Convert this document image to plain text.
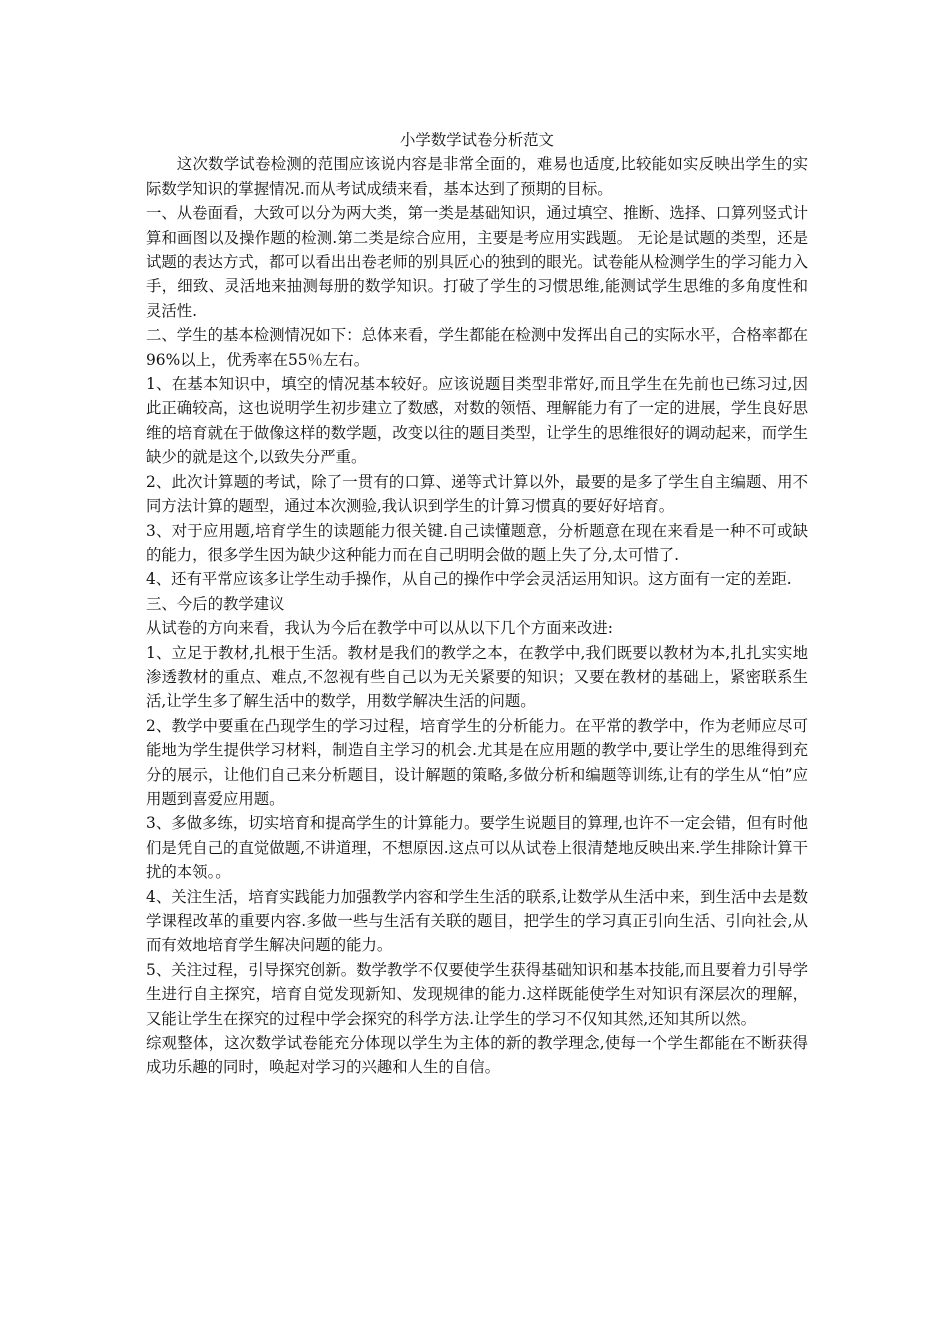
小学数学试卷分析范文

这次数学试卷检测的范围应该说内容是非常全面的，难易也适度,比较能如实反映出学生的实际数学知识的掌握情况.而从考试成绩来看，基本达到了预期的目标。

一、从卷面看，大致可以分为两大类，第一类是基础知识，通过填空、推断、选择、口算列竖式计算和画图以及操作题的检测.第二类是综合应用，主要是考应用实践题。 无论是试题的类型，还是试题的表达方式，都可以看出出卷老师的别具匠心的独到的眼光。试卷能从检测学生的学习能力入手，细致、灵活地来抽测每册的数学知识。打破了学生的习惯思维,能测试学生思维的多角度性和灵活性.

二、学生的基本检测情况如下：总体来看，学生都能在检测中发挥出自己的实际水平，合格率都在96%以上，优秀率在55％左右。

1、在基本知识中，填空的情况基本较好。应该说题目类型非常好,而且学生在先前也已练习过,因此正确较高，这也说明学生初步建立了数感，对数的领悟、理解能力有了一定的进展，学生良好思维的培育就在于做像这样的数学题，改变以往的题目类型，让学生的思维很好的调动起来，而学生缺少的就是这个,以致失分严重。

2、此次计算题的考试，除了一贯有的口算、递等式计算以外，最要的是多了学生自主编题、用不同方法计算的题型，通过本次测验,我认识到学生的计算习惯真的要好好培育。

3、对于应用题,培育学生的读题能力很关键.自己读懂题意，分析题意在现在来看是一种不可或缺的能力，很多学生因为缺少这种能力而在自己明明会做的题上失了分,太可惜了.

4、还有平常应该多让学生动手操作，从自己的操作中学会灵活运用知识。这方面有一定的差距.

三、今后的教学建议

从试卷的方向来看，我认为今后在教学中可以从以下几个方面来改进:

1、立足于教材,扎根于生活。教材是我们的教学之本，在教学中,我们既要以教材为本,扎扎实实地渗透教材的重点、难点,不忽视有些自己以为无关紧要的知识；又要在教材的基础上，紧密联系生活,让学生多了解生活中的数学，用数学解决生活的问题。

2、教学中要重在凸现学生的学习过程，培育学生的分析能力。在平常的教学中，作为老师应尽可能地为学生提供学习材料，制造自主学习的机会.尤其是在应用题的教学中,要让学生的思维得到充分的展示，让他们自己来分析题目，设计解题的策略,多做分析和编题等训练,让有的学生从“怕”应用题到喜爱应用题。

3、多做多练，切实培育和提高学生的计算能力。要学生说题目的算理,也许不一定会错，但有时他们是凭自己的直觉做题,不讲道理，不想原因.这点可以从试卷上很清楚地反映出来.学生排除计算干扰的本领。。

4、关注生活，培育实践能力加强教学内容和学生生活的联系,让数学从生活中来，到生活中去是数学课程改革的重要内容.多做一些与生活有关联的题目，把学生的学习真正引向生活、引向社会,从而有效地培育学生解决问题的能力。

5、关注过程，引导探究创新。数学教学不仅要使学生获得基础知识和基本技能,而且要着力引导学生进行自主探究，培育自觉发现新知、发现规律的能力.这样既能使学生对知识有深层次的理解，又能让学生在探究的过程中学会探究的科学方法.让学生的学习不仅知其然,还知其所以然。

综观整体，这次数学试卷能充分体现以学生为主体的新的教学理念,使每一个学生都能在不断获得成功乐趣的同时，唤起对学习的兴趣和人生的自信。
